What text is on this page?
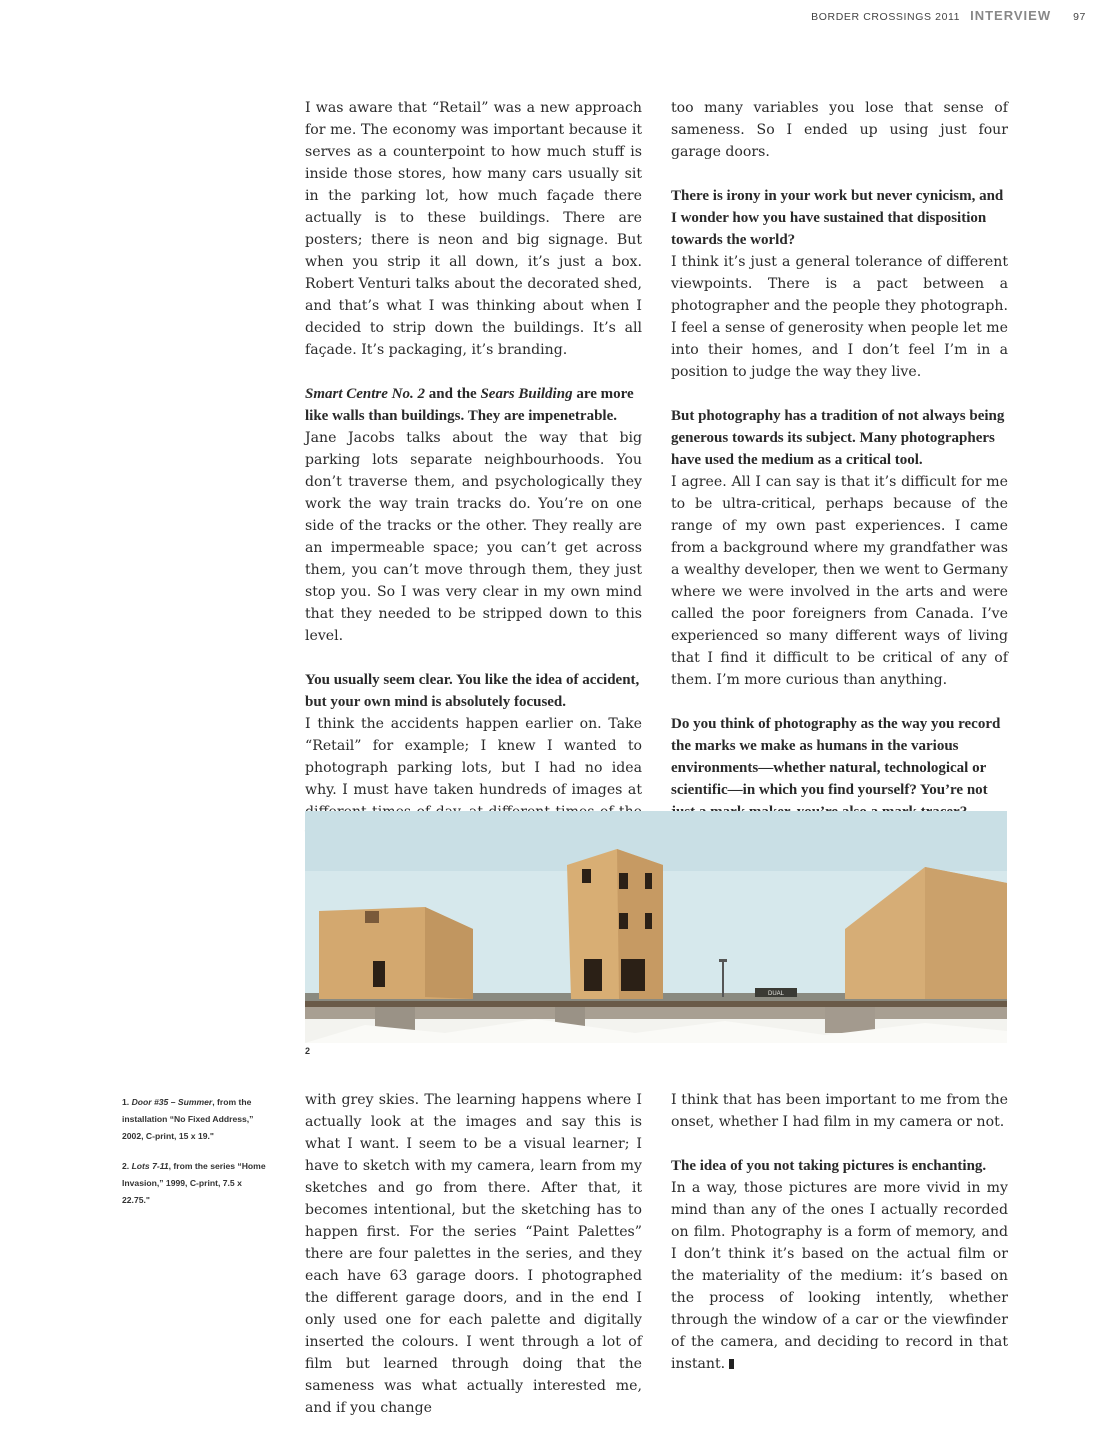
BORDER CROSSINGS 2011 INTERVIEW 97

I was aware that “Retail” was a new approach for me. The economy was important because it serves as a counterpoint to how much stuff is inside those stores, how many cars usually sit in the parking lot, how much façade there actually is to these buildings. There are posters; there is neon and big signage. But when you strip it all down, it’s just a box. Robert Venturi talks about the decorated shed, and that’s what I was thinking about when I decided to strip down the buildings. It’s all façade. It’s packaging, it’s branding.

Smart Centre No. 2 and the Sears Building are more like walls than buildings. They are impenetrable.

Jane Jacobs talks about the way that big parking lots separate neighbourhoods. You don’t traverse them, and psychologically they work the way train tracks do. You’re on one side of the tracks or the other. They really are an impermeable space; you can’t get across them, you can’t move through them, they just stop you. So I was very clear in my own mind that they needed to be stripped down to this level.

You usually seem clear. You like the idea of accident, but your own mind is absolutely focused.

I think the accidents happen earlier on. Take “Retail” for example; I knew I wanted to photograph parking lots, but I had no idea why. I must have taken hundreds of images at

too many variables you lose that sense of sameness. So I ended up using just four garage doors.

There is irony in your work but never cynicism, and I wonder how you have sustained that disposition towards the world?

I think it’s just a general tolerance of different viewpoints. There is a pact between a photographer and the people they photograph. I feel a sense of generosity when people let me into their homes, and I don’t feel I’m in a position to judge the way they live.

But photography has a tradition of not always being generous towards its subject. Many photographers have used the medium as a critical tool.

I agree. All I can say is that it’s difficult for me to be ultra-critical, perhaps because of the range of my own past experiences. I came from a background where my grandfather was a wealthy developer, then we went to Germany where we were involved in the arts and were called the poor foreigners from Canada. I’ve experienced so many different ways of living that I find it difficult to be critical of any of them. I’m more curious than anything.

Do you think of photography as the way you record the marks we make as humans in the various environments—whether natural, technological or scientific—in which you find yourself? You’re not

DUAL
2
1. Door #35 – Summer, from the installation “No Fixed Address,” 2002, C-print, 15 x 19."
2. Lots 7-11, from the series “Home Invasion,” 1999, C-print, 7.5 x 22.75."

with grey skies. The learning happens where I actually look at the images and say this is what I want. I seem to be a visual learner; I have to sketch with my camera, learn from my sketches and go from there. After that, it becomes intentional, but the sketching has to happen first. For the series “Paint Palettes” there are four palettes in the series, and they each have 63 garage doors. I photographed the different garage doors, and in the end I only used one for each palette and digitally inserted the colours. I went through a lot of film but learned through doing that the sameness was what actually interested me, and if you change

I think that has been important to me from the onset, whether I had film in my camera or not.

The idea of you not taking pictures is enchanting.

In a way, those pictures are more vivid in my mind than any of the ones I actually recorded on film. Photography is a form of memory, and I don’t think it’s based on the actual film or the materiality of the medium: it’s based on the process of looking intently, whether through the window of a car or the viewfinder of the camera, and deciding to record in that instant.
